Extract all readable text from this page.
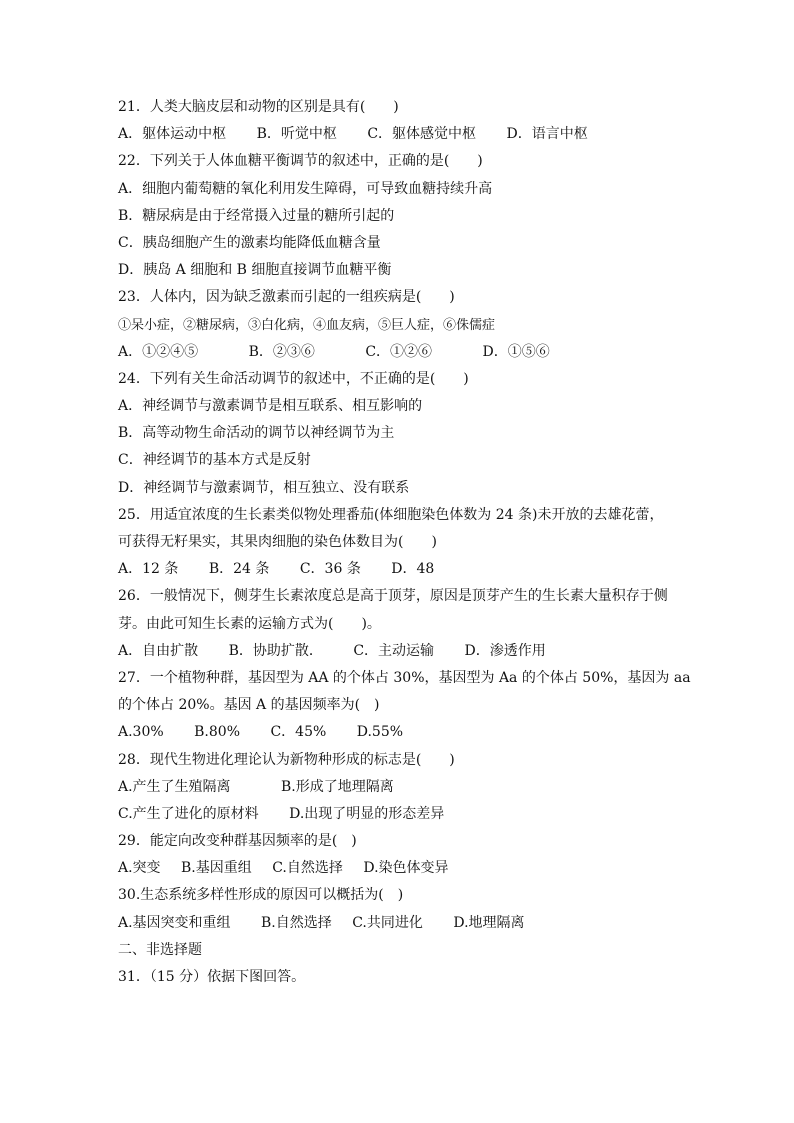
21．人类大脑皮层和动物的区别是具有(　　)
A．躯体运动中枢 B．听觉中枢 C．躯体感觉中枢 D．语言中枢
22．下列关于人体血糖平衡调节的叙述中，正确的是(　　)
A．细胞内葡萄糖的氧化利用发生障碍，可导致血糖持续升高
B．糖尿病是由于经常摄入过量的糖所引起的
C．胰岛细胞产生的激素均能降低血糖含量
D．胰岛 A 细胞和 B 细胞直接调节血糖平衡
23．人体内，因为缺乏激素而引起的一组疾病是(　　)
①呆小症，②糖尿病，③白化病，④血友病，⑤巨人症，⑥侏儒症
A．①②④⑤	B．②③⑥	C．①②⑥	D．①⑤⑥
24．下列有关生命活动调节的叙述中，不正确的是(　　)
A．神经调节与激素调节是相互联系、相互影响的
B．高等动物生命活动的调节以神经调节为主
C．神经调节的基本方式是反射
D．神经调节与激素调节，相互独立、没有联系
25．用适宜浓度的生长素类似物处理番茄(体细胞染色体数为 24 条)未开放的去雄花蕾，
可获得无籽果实，其果肉细胞的染色体数目为(　　)
A．12 条 B．24 条 C．36 条 D．48
26．一般情况下，侧芽生长素浓度总是高于顶芽，原因是顶芽产生的生长素大量积存于侧
芽。由此可知生长素的运输方式为(　　)。
A．自由扩散 B．协助扩散． C．主动运输 D．渗透作用
27．一个植物种群，基因型为 AA 的个体占 30%，基因型为 Aa 的个体占 50%，基因为 aa
的个体占 20%。基因 A 的基因频率为(　)
A.30% B.80% C．45% D.55%
28．现代生物进化理论认为新物种形成的标志是(　　)
A.产生了生殖隔离	B.形成了地理隔离
C.产生了进化的原材料 D.出现了明显的形态差异
29．能定向改变种群基因频率的是(　)
A.突变 B.基因重组 C.自然选择 D.染色体变异
30.生态系统多样性形成的原因可以概括为(　)
A.基因突变和重组 B.自然选择 C.共同进化 D.地理隔离
二、非选择题
31．（15 分）依据下图回答。
